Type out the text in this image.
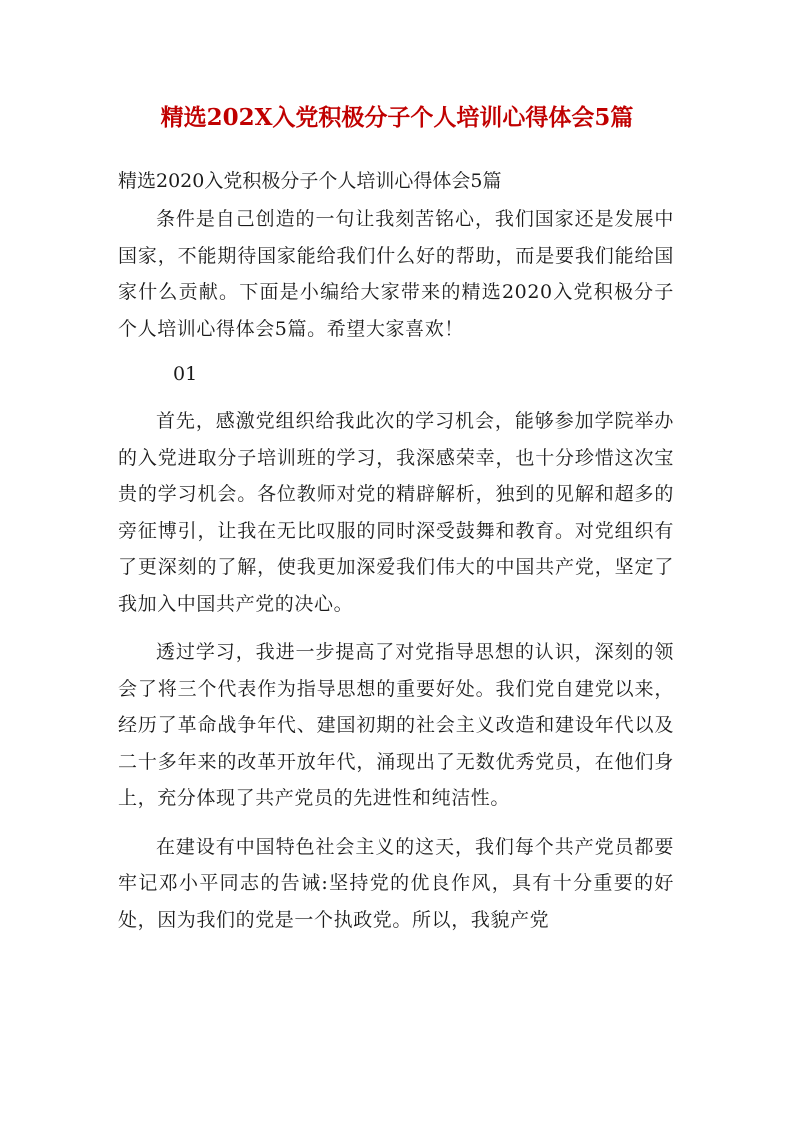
精选202X入党积极分子个人培训心得体会5篇

精选2020入党积极分子个人培训心得体会5篇

条件是自己创造的一句让我刻苦铭心，我们国家还是发展中国家，不能期待国家能给我们什么好的帮助，而是要我们能给国家什么贡献。下面是小编给大家带来的精选2020入党积极分子个人培训心得体会5篇。希望大家喜欢！

01

首先，感激党组织给我此次的学习机会，能够参加学院举办的入党进取分子培训班的学习，我深感荣幸，也十分珍惜这次宝贵的学习机会。各位教师对党的精辟解析，独到的见解和超多的旁征博引，让我在无比叹服的同时深受鼓舞和教育。对党组织有了更深刻的了解，使我更加深爱我们伟大的中国共产党，坚定了我加入中国共产党的决心。

透过学习，我进一步提高了对党指导思想的认识，深刻的领会了将三个代表作为指导思想的重要好处。我们党自建党以来，经历了革命战争年代、建国初期的社会主义改造和建设年代以及二十多年来的改革开放年代，涌现出了无数优秀党员，在他们身上，充分体现了共产党员的先进性和纯洁性。

在建设有中国特色社会主义的这天，我们每个共产党员都要牢记邓小平同志的告诫:坚持党的优良作风，具有十分重要的好处，因为我们的党是一个执政党。所以，我貌产党
